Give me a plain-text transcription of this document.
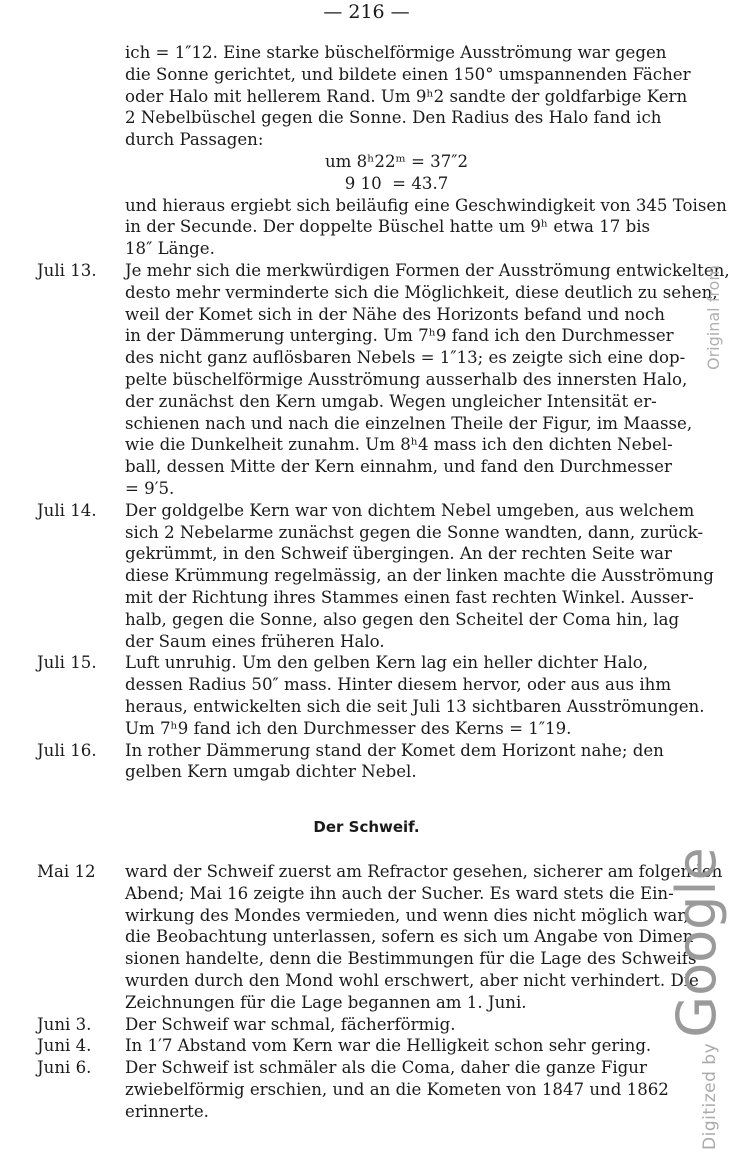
— 216 —
ich = 1″12. Eine starke büschelförmige Ausströmung war gegen
die Sonne gerichtet, und bildete einen 150° umspannenden Fächer
oder Halo mit hellerem Rand. Um 9ʰ2 sandte der goldfarbige Kern
2 Nebelbüschel gegen die Sonne. Den Radius des Halo fand ich
durch Passagen:
um 8ʰ22ᵐ = 37″2
9 10  = 43.7
und hieraus ergiebt sich beiläufig eine Geschwindigkeit von 345 Toisen
in der Secunde. Der doppelte Büschel hatte um 9ʰ etwa 17 bis
18″ Länge.
Juli 13. Je mehr sich die merkwürdigen Formen der Ausströmung entwickelten,
desto mehr verminderte sich die Möglichkeit, diese deutlich zu sehen,
weil der Komet sich in der Nähe des Horizonts befand und noch
in der Dämmerung unterging. Um 7ʰ9 fand ich den Durchmesser
des nicht ganz auflösbaren Nebels = 1″13; es zeigte sich eine dop-
pelte büschelförmige Ausströmung ausserhalb des innersten Halo,
der zunächst den Kern umgab. Wegen ungleicher Intensität er-
schienen nach und nach die einzelnen Theile der Figur, im Maasse,
wie die Dunkelheit zunahm. Um 8ʰ4 mass ich den dichten Nebel-
ball, dessen Mitte der Kern einnahm, und fand den Durchmesser
= 9′5.
Juli 14. Der goldgelbe Kern war von dichtem Nebel umgeben, aus welchem
sich 2 Nebelarme zunächst gegen die Sonne wandten, dann, zurück-
gekrümmt, in den Schweif übergingen. An der rechten Seite war
diese Krümmung regelmässig, an der linken machte die Ausströmung
mit der Richtung ihres Stammes einen fast rechten Winkel. Ausser-
halb, gegen die Sonne, also gegen den Scheitel der Coma hin, lag
der Saum eines früheren Halo.
Juli 15. Luft unruhig. Um den gelben Kern lag ein heller dichter Halo,
dessen Radius 50″ mass. Hinter diesem hervor, oder aus aus ihm
heraus, entwickelten sich die seit Juli 13 sichtbaren Ausströmungen.
Um 7ʰ9 fand ich den Durchmesser des Kerns = 1″19.
Juli 16. In rother Dämmerung stand der Komet dem Horizont nahe; den
gelben Kern umgab dichter Nebel.
Der Schweif.
Mai 12 ward der Schweif zuerst am Refractor gesehen, sicherer am folgenden
Abend; Mai 16 zeigte ihn auch der Sucher. Es ward stets die Ein-
wirkung des Mondes vermieden, und wenn dies nicht möglich war,
die Beobachtung unterlassen, sofern es sich um Angabe von Dimen-
sionen handelte, denn die Bestimmungen für die Lage des Schweifs
wurden durch den Mond wohl erschwert, aber nicht verhindert. Die
Zeichnungen für die Lage begannen am 1. Juni.
Juni 3. Der Schweif war schmal, fächerförmig.
Juni 4. In 1′7 Abstand vom Kern war die Helligkeit schon sehr gering.
Juni 6. Der Schweif ist schmäler als die Coma, daher die ganze Figur
zwiebelförmig erschien, und an die Kometen von 1847 und 1862
erinnerte.	Digitized by Google
Original from
